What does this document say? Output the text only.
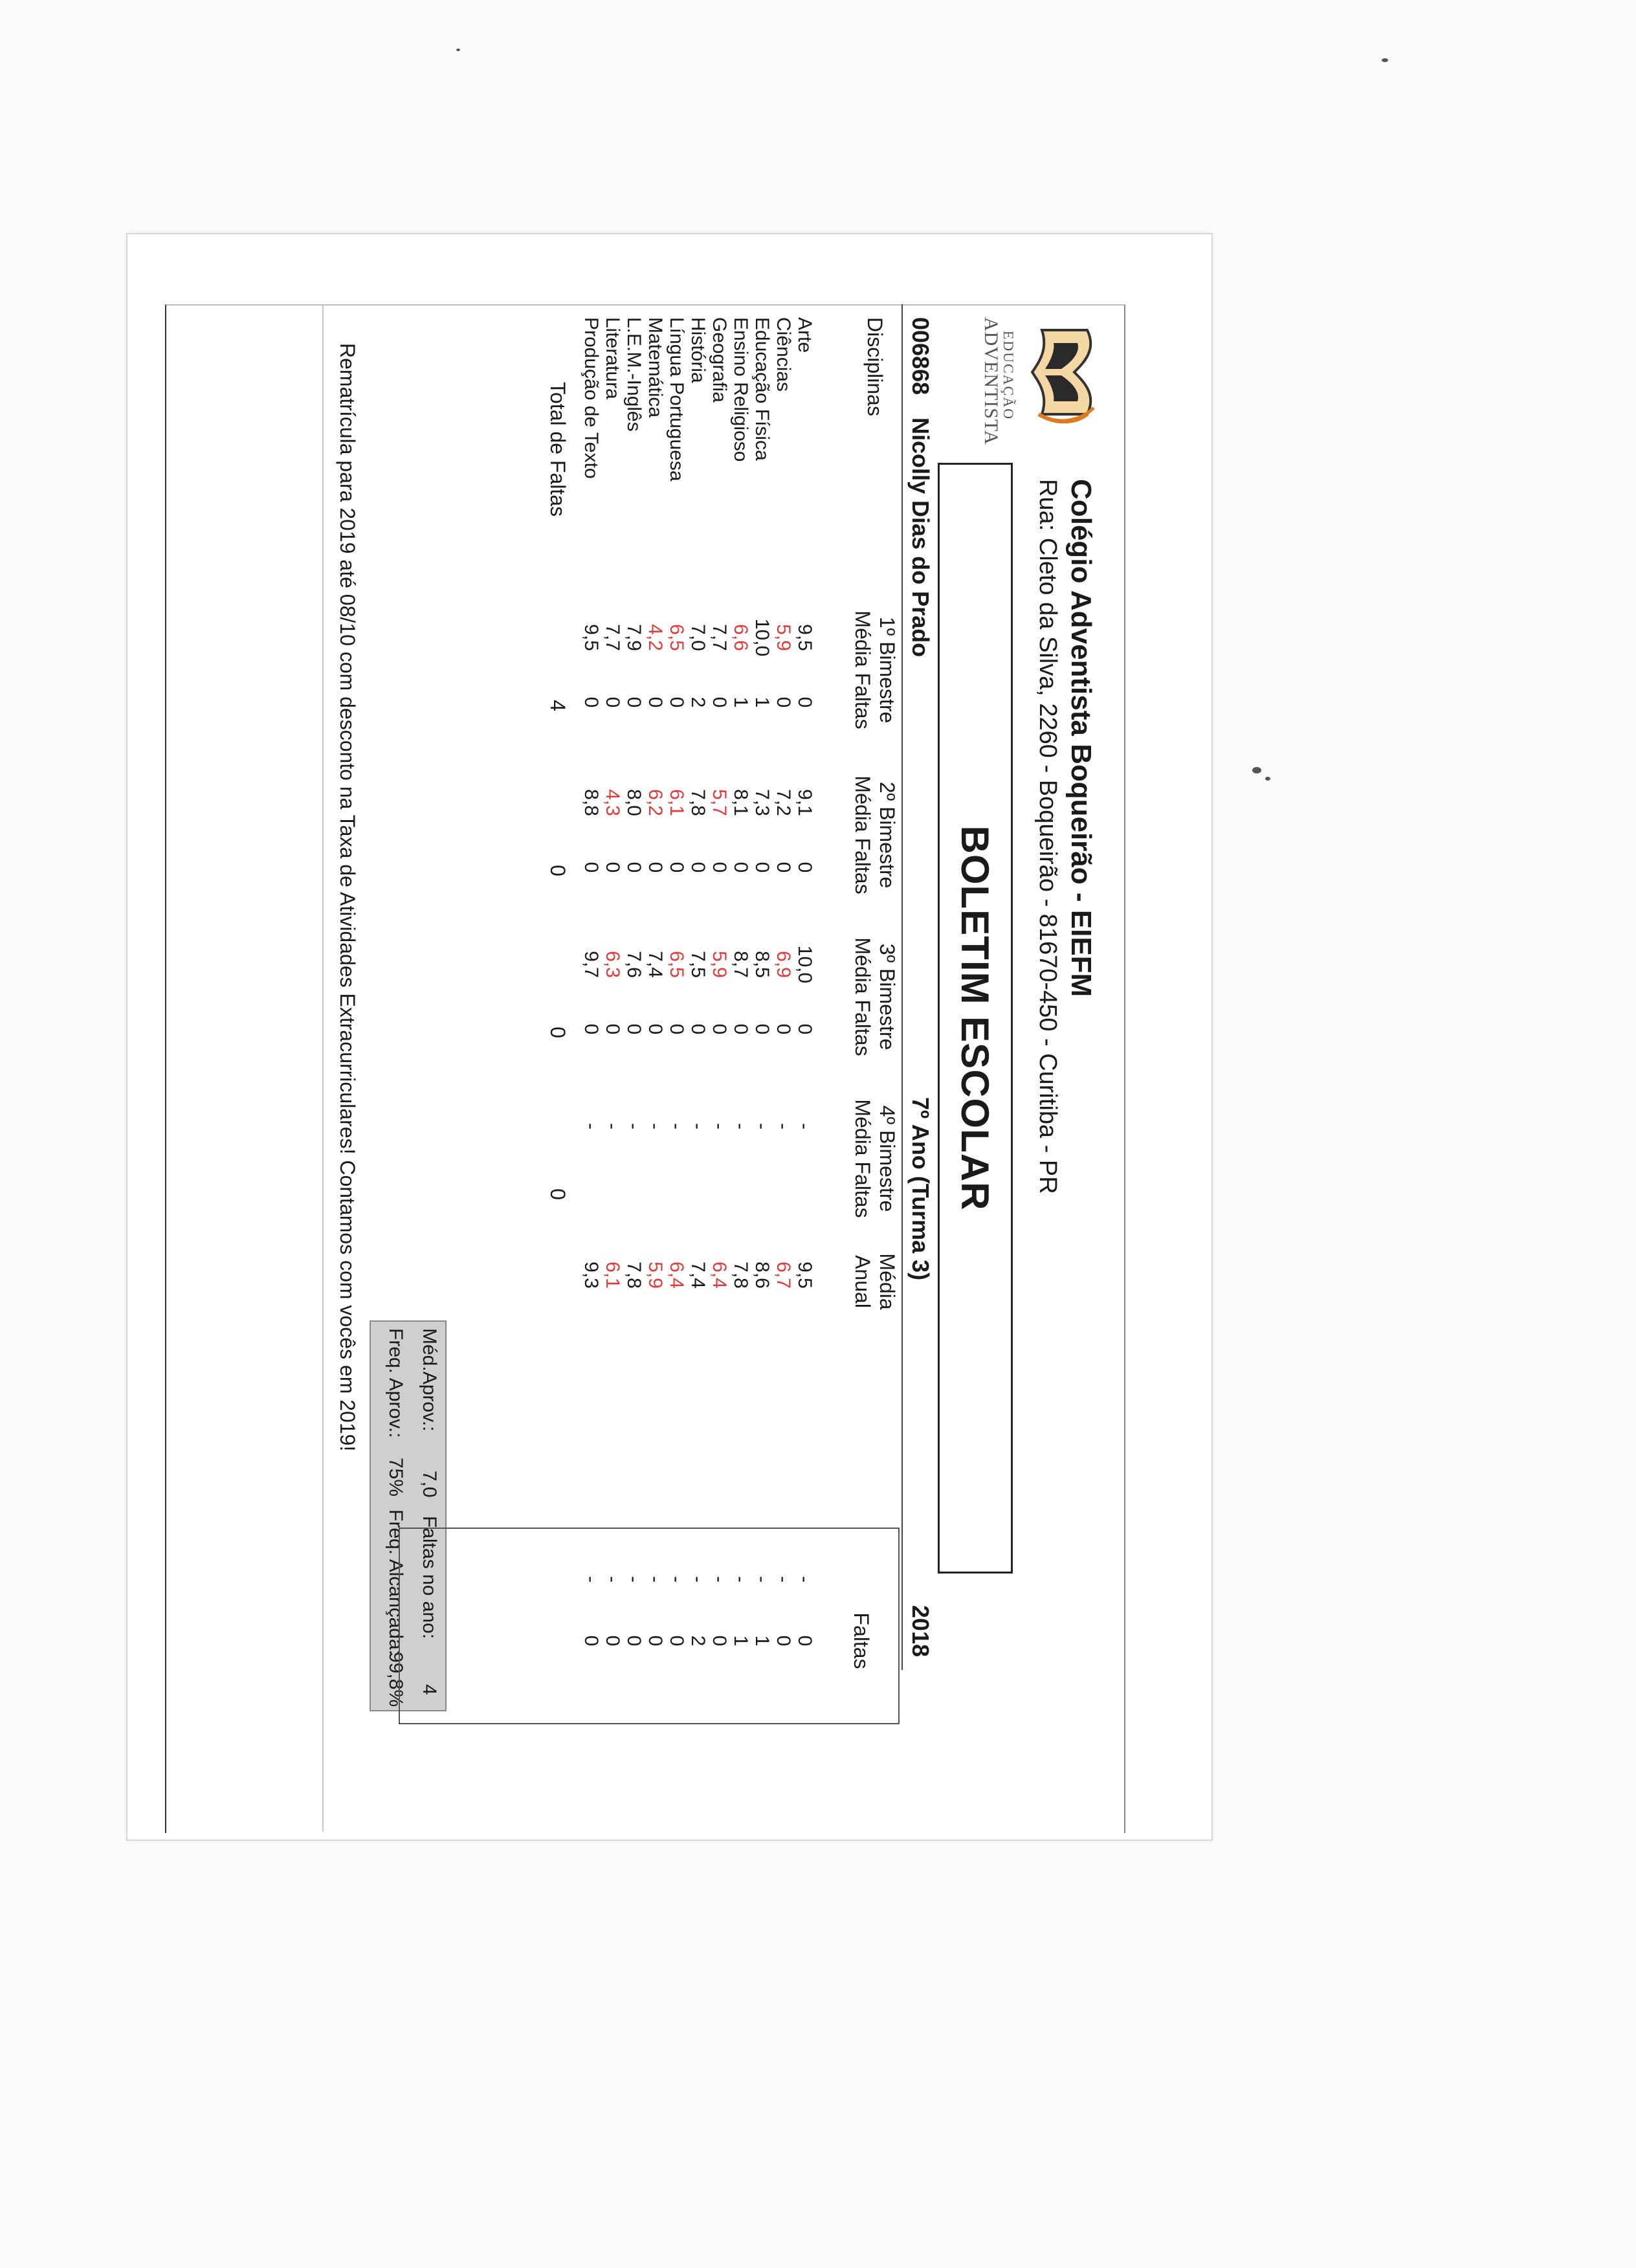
EDUCAÇÃO
ADVENTISTA
Colégio Adventista Boqueirão - EIEFM
Rua: Cleto da Silva, 2260 - Boqueirão - 81670-450 - Curitiba - PR
BOLETIM ESCOLAR
006868
Nicolly Dias do Prado
7º Ano (Turma 3)
2018
Disciplinas
1º Bimestre
Média Faltas
2º Bimestre
Média Faltas
3º Bimestre
Média Faltas
4º Bimestre
Média Faltas
Média
Anual
Faltas
Arte
9,5
0
9,1
0
10,0
0
-
9,5
-
0
Ciências
5,9
0
7,2
0
6,9
0
-
6,7
-
0
Educação Física
10,0
1
7,3
0
8,5
0
-
8,6
-
1
Ensino Religioso
6,6
1
8,1
0
8,7
0
-
7,8
-
1
Geografia
7,7
0
5,7
0
5,9
0
-
6,4
-
0
História
7,0
2
7,8
0
7,5
0
-
7,4
-
2
Língua Portuguesa
6,5
0
6,1
0
6,5
0
-
6,4
-
0
Matemática
4,2
0
6,2
0
7,4
0
-
5,9
-
0
L.E.M.-Inglês
7,9
0
8,0
0
7,6
0
-
7,8
-
0
Literatura
7,7
0
4,3
0
6,3
0
-
6,1
-
0
Produção de Texto
9,5
0
8,8
0
9,7
0
-
9,3
-
0
Total de Faltas
4
0
0
0
Méd.Aprov.:
7,0
Faltas no ano:
4
Freq. Aprov.:
75%
Freq. Alcançada:
99,8%
Rematrícula para 2019 até 08/10 com desconto na Taxa de Atividades Extracurriculares! Contamos com vocês em 2019!
